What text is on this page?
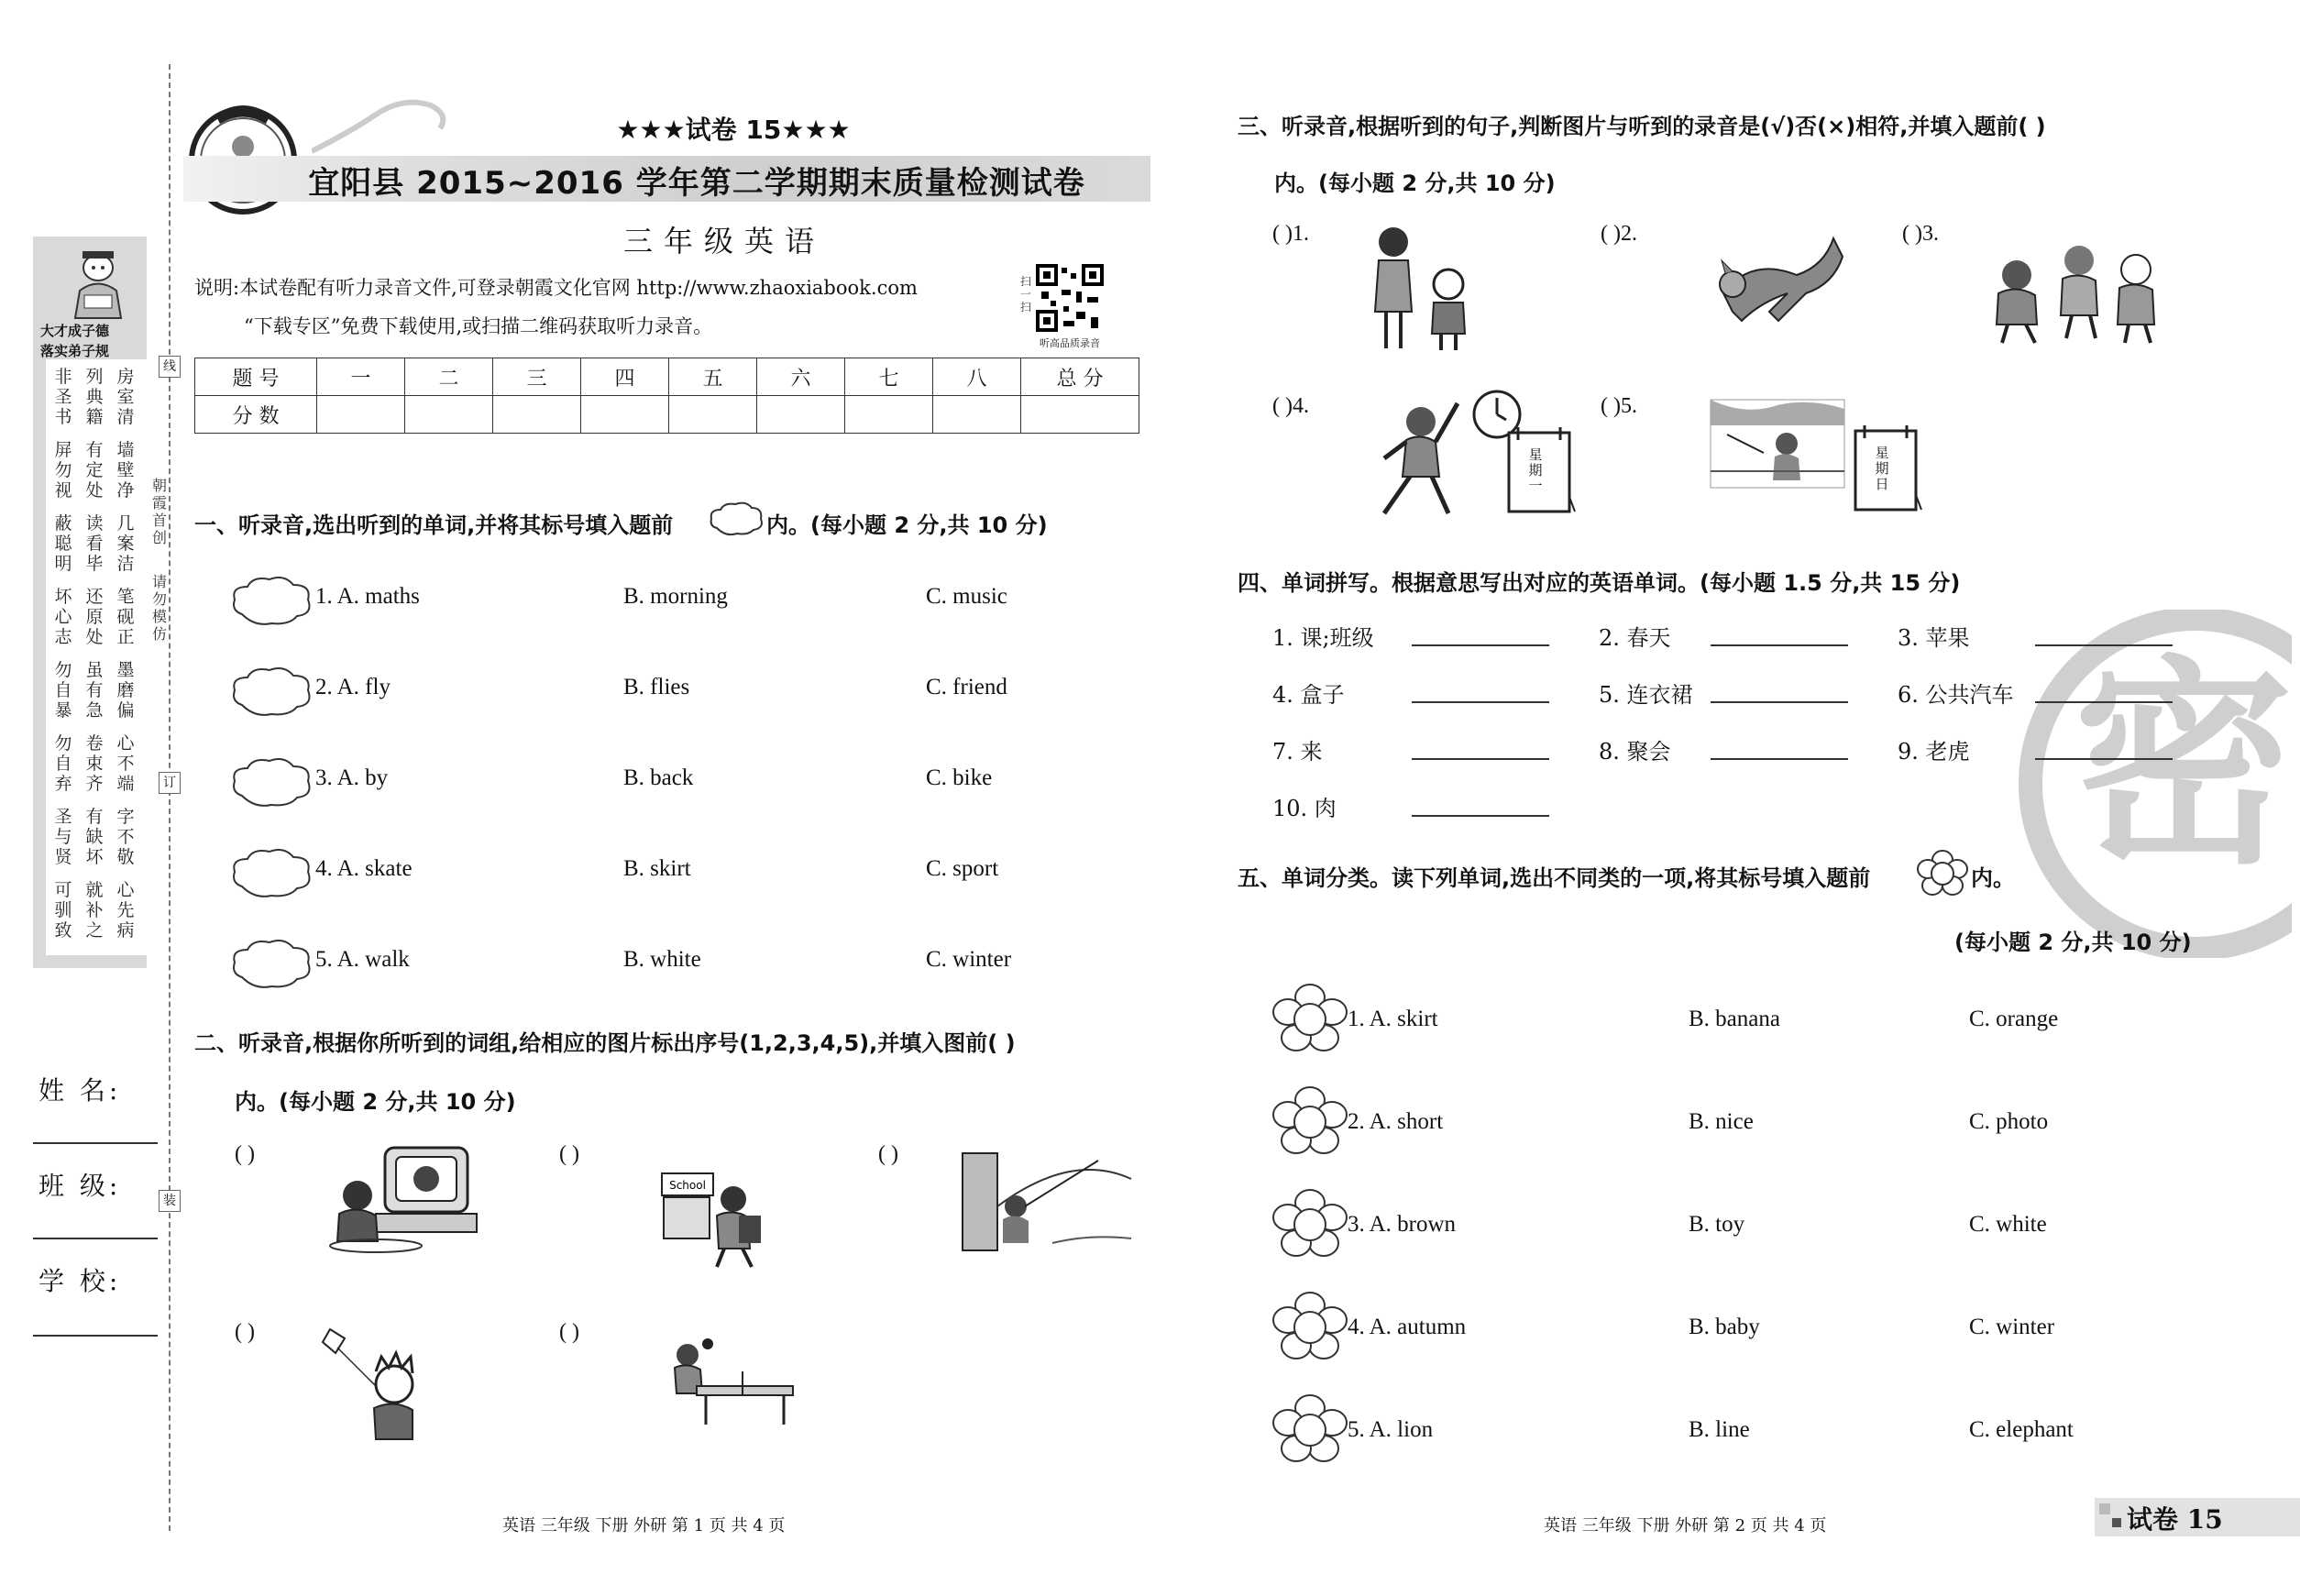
大才成子德
落实弟子规
非圣书
列典籍
房室清
屏勿视
有定处
墙壁净
蔽聪明
读看毕
几案洁
坏心志
还原处
笔砚正
勿自暴
虽有急
墨磨偏
勿自弃
卷束齐
心不端
圣与贤
有缺坏
字不敬
可驯致
就补之
心先病
线
订
装
朝霞首创
请勿模仿
姓 名:
班 级:
学 校:
★★★试卷 15★★★
宜阳县 2015~2016 学年第二学期期末质量检测试卷
三年级英语
说明:本试卷配有听力录音文件,可登录朝霞文化官网 http://www.zhaoxiabook.com
“下载专区”免费下载使用,或扫描二维码获取听力录音。
扫一扫
听高品质录音
题 号	一	二	三	四	五	六	七	八	总 分
分 数									
一、听录音,选出听到的单词,并将其标号填入题前	内。(每小题 2 分,共 10 分)
1. A. maths	B. morning	C. music
2. A. fly	B. flies	C. friend
3. A. by	B. back	C. bike
4. A. skate	B. skirt	C. sport
5. A. walk	B. white	C. winter
二、听录音,根据你所听到的词组,给相应的图片标出序号(1,2,3,4,5),并填入图前( )
内。(每小题 2 分,共 10 分)
( )	( )
School
( )
( )	( )
英语 三年级 下册 外研 第 1 页 共 4 页
密
三、听录音,根据听到的句子,判断图片与听到的录音是(√)否(×)相符,并填入题前( )
内。(每小题 2 分,共 10 分)
( )1.	( )2.	( )3.
( )4.
星期一
( )5.
星期日
四、单词拼写。根据意思写出对应的英语单词。(每小题 1.5 分,共 15 分)
1. 课;班级	2. 春天	3. 苹果
4. 盒子	5. 连衣裙	6. 公共汽车
7. 来	8. 聚会	9. 老虎
10. 肉
五、单词分类。读下列单词,选出不同类的一项,将其标号填入题前	内。
(每小题 2 分,共 10 分)
1. A. skirt	B. banana	C. orange
2. A. short	B. nice	C. photo
3. A. brown	B. toy	C. white
4. A. autumn	B. baby	C. winter
5. A. lion	B. line	C. elephant
英语 三年级 下册 外研 第 2 页 共 4 页	试卷 15
